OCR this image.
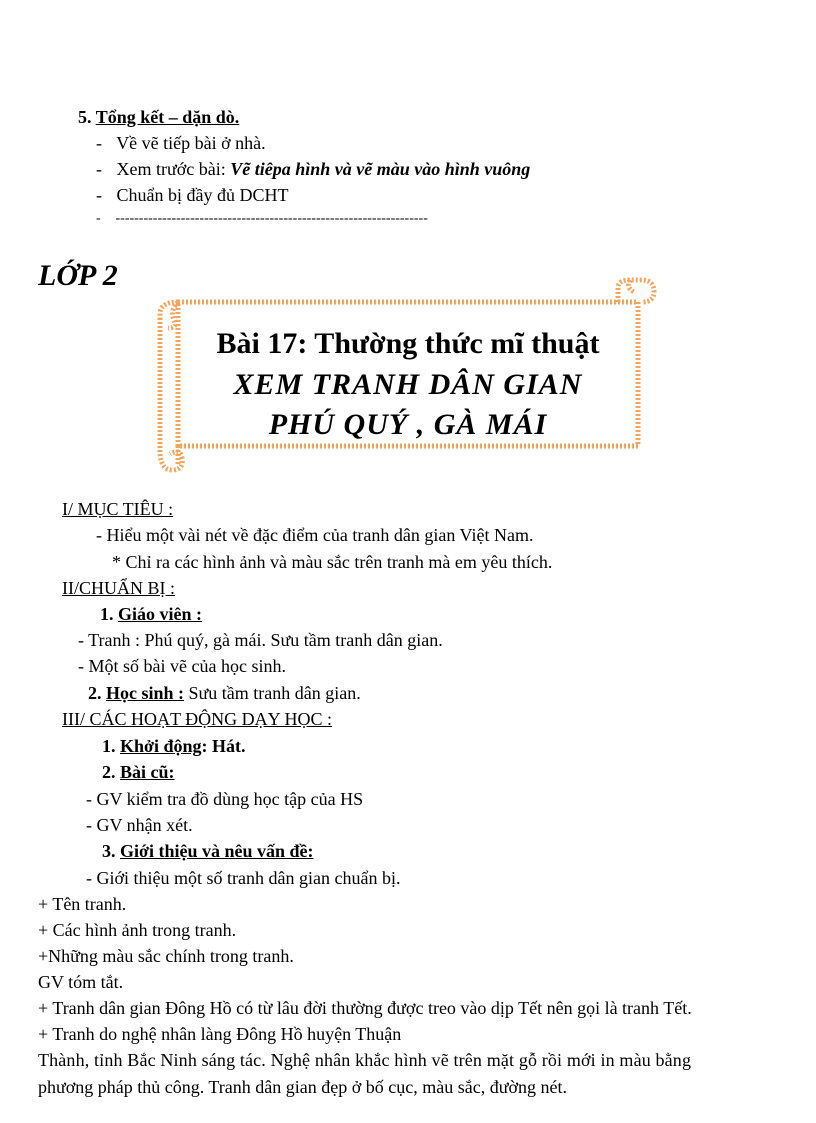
5. Tổng kết – dặn dò.
- Về vẽ tiếp bài ở nhà.
- Xem trước bài: Vẽ tiêpa hình và vẽ màu vào hình vuông
- Chuẩn bị đầy đủ DCHT
- -------------------------------------------------------------------
LỚP 2
Bài 17: Thường thức mĩ thuật
XEM TRANH DÂN GIAN
PHÚ QUÝ , GÀ MÁI
I/ MỤC TIÊU :
- Hiểu một vài nét về đặc điểm của tranh dân gian Việt Nam.
* Chỉ ra các hình ảnh và màu sắc trên tranh mà em yêu thích.
II/CHUẨN BỊ :
1. Giáo viên :
- Tranh : Phú quý, gà mái. Sưu tầm tranh dân gian.
- Một số bài vẽ của học sinh.
2. Học sinh : Sưu tầm tranh dân gian.
III/ CÁC HOẠT ĐỘNG DẠY HỌC :
1. Khởi động: Hát.
2. Bài cũ:
- GV kiểm tra đồ dùng học tập của HS
- GV nhận xét.
3. Giới thiệu và nêu vấn đề:
- Giới thiệu một số tranh dân gian chuẩn bị.
+ Tên tranh.
+ Các hình ảnh trong tranh.
+Những màu sắc chính trong tranh.
GV tóm tắt.
+ Tranh dân gian Đông Hồ có từ lâu đời thường được treo vào dịp Tết nên gọi là tranh Tết.
+ Tranh do nghệ nhân làng Đông Hồ huyện Thuận
Thành, tỉnh Bắc Ninh sáng tác. Nghệ nhân khắc hình vẽ trên mặt gỗ rồi mới in màu bằng
phương pháp thủ công. Tranh dân gian đẹp ở bố cục, màu sắc, đường nét.
